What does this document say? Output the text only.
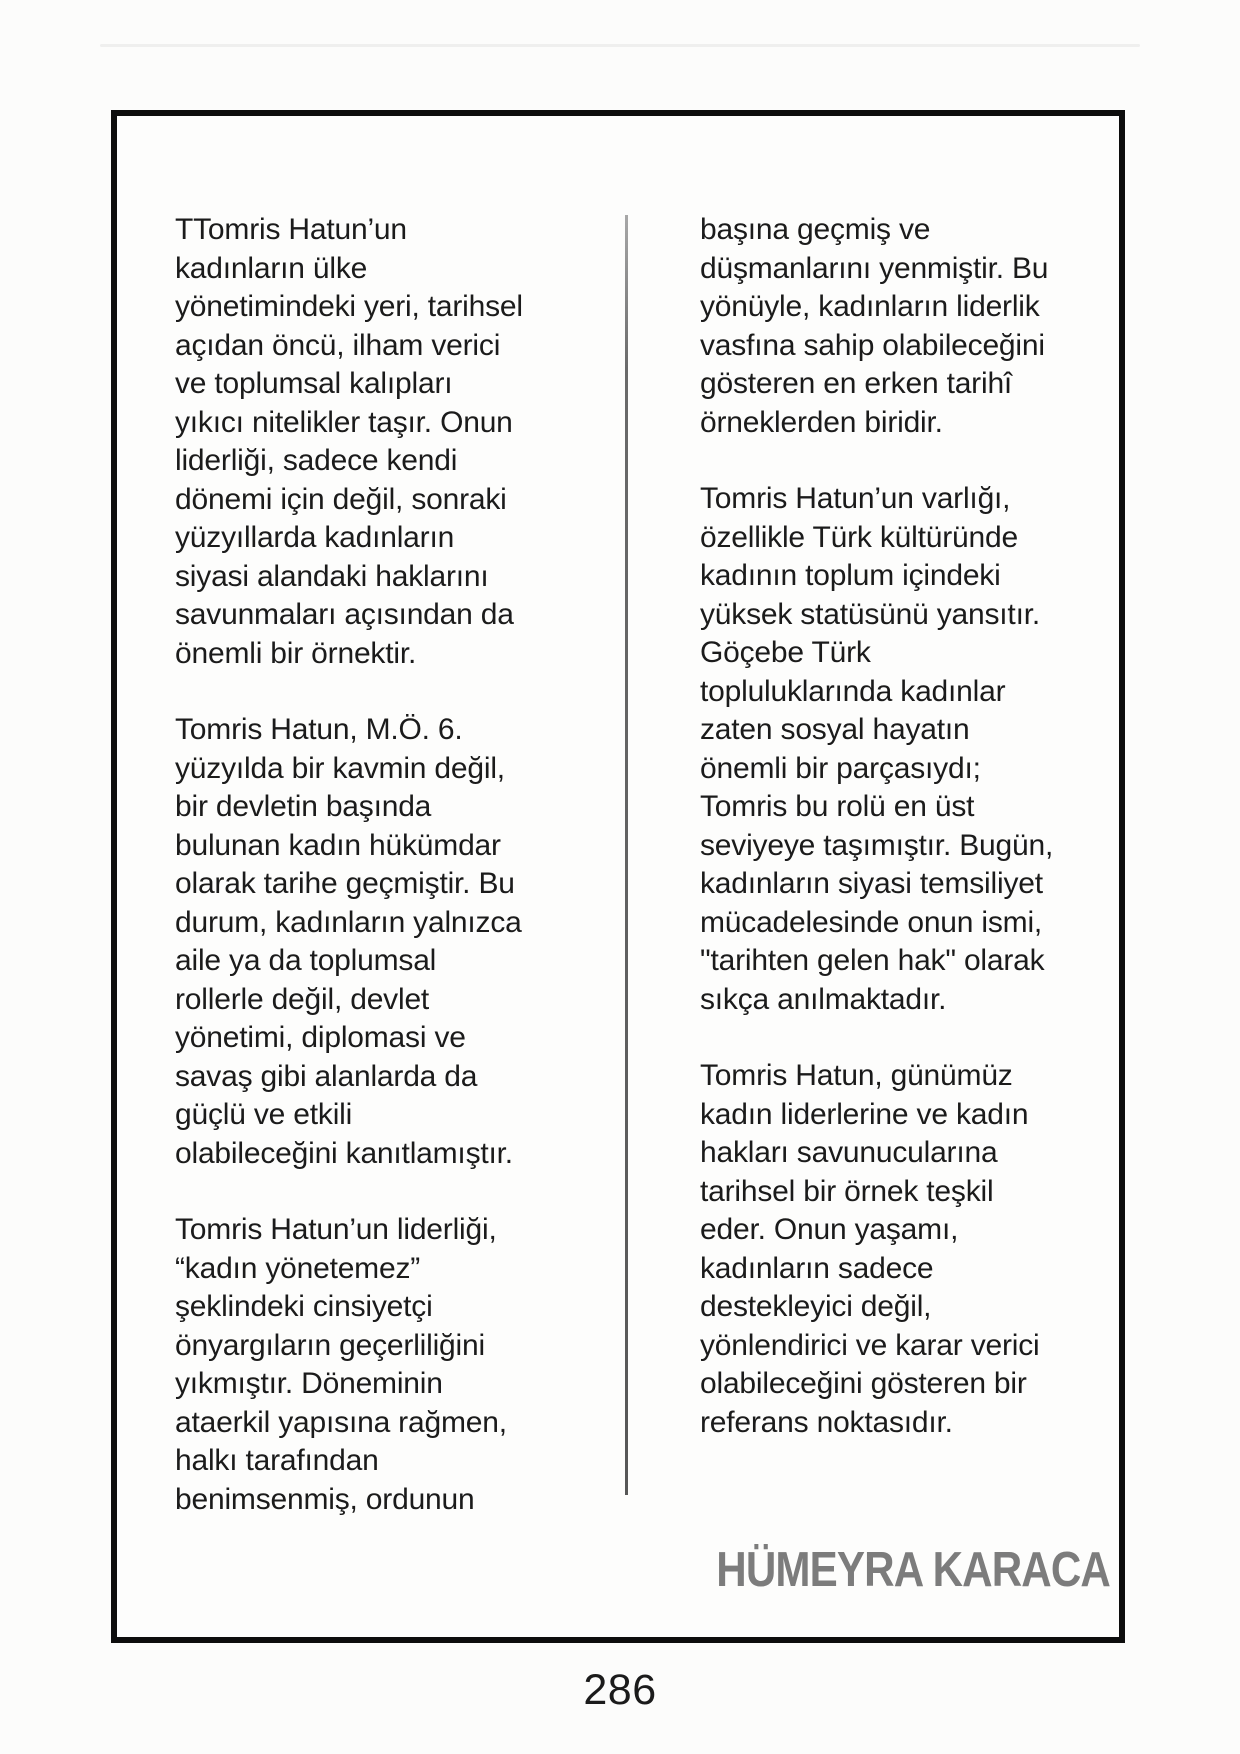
TTomris Hatun’un
kadınların ülke
yönetimindeki yeri, tarihsel
açıdan öncü, ilham verici
ve toplumsal kalıpları
yıkıcı nitelikler taşır. Onun
liderliği, sadece kendi
dönemi için değil, sonraki
yüzyıllarda kadınların
siyasi alandaki haklarını
savunmaları açısından da
önemli bir örnektir.

Tomris Hatun, M.Ö. 6.
yüzyılda bir kavmin değil,
bir devletin başında
bulunan kadın hükümdar
olarak tarihe geçmiştir. Bu
durum, kadınların yalnızca
aile ya da toplumsal
rollerle değil, devlet
yönetimi, diplomasi ve
savaş gibi alanlarda da
güçlü ve etkili
olabileceğini kanıtlamıştır.

Tomris Hatun’un liderliği,
“kadın yönetemez”
şeklindeki cinsiyetçi
önyargıların geçerliliğini
yıkmıştır. Döneminin
ataerkil yapısına rağmen,
halkı tarafından
benimsenmiş, ordunun

başına geçmiş ve
düşmanlarını yenmiştir. Bu
yönüyle, kadınların liderlik
vasfına sahip olabileceğini
gösteren en erken tarihî
örneklerden biridir.

Tomris Hatun’un varlığı,
özellikle Türk kültüründe
kadının toplum içindeki
yüksek statüsünü yansıtır.
Göçebe Türk
topluluklarında kadınlar
zaten sosyal hayatın
önemli bir parçasıydı;
Tomris bu rolü en üst
seviyeye taşımıştır. Bugün,
kadınların siyasi temsiliyet
mücadelesinde onun ismi,
"tarihten gelen hak" olarak
sıkça anılmaktadır.

Tomris Hatun, günümüz
kadın liderlerine ve kadın
hakları savunucularına
tarihsel bir örnek teşkil
eder. Onun yaşamı,
kadınların sadece
destekleyici değil,
yönlendirici ve karar verici
olabileceğini gösteren bir
referans noktasıdır.

HÜMEYRA KARACA
286
